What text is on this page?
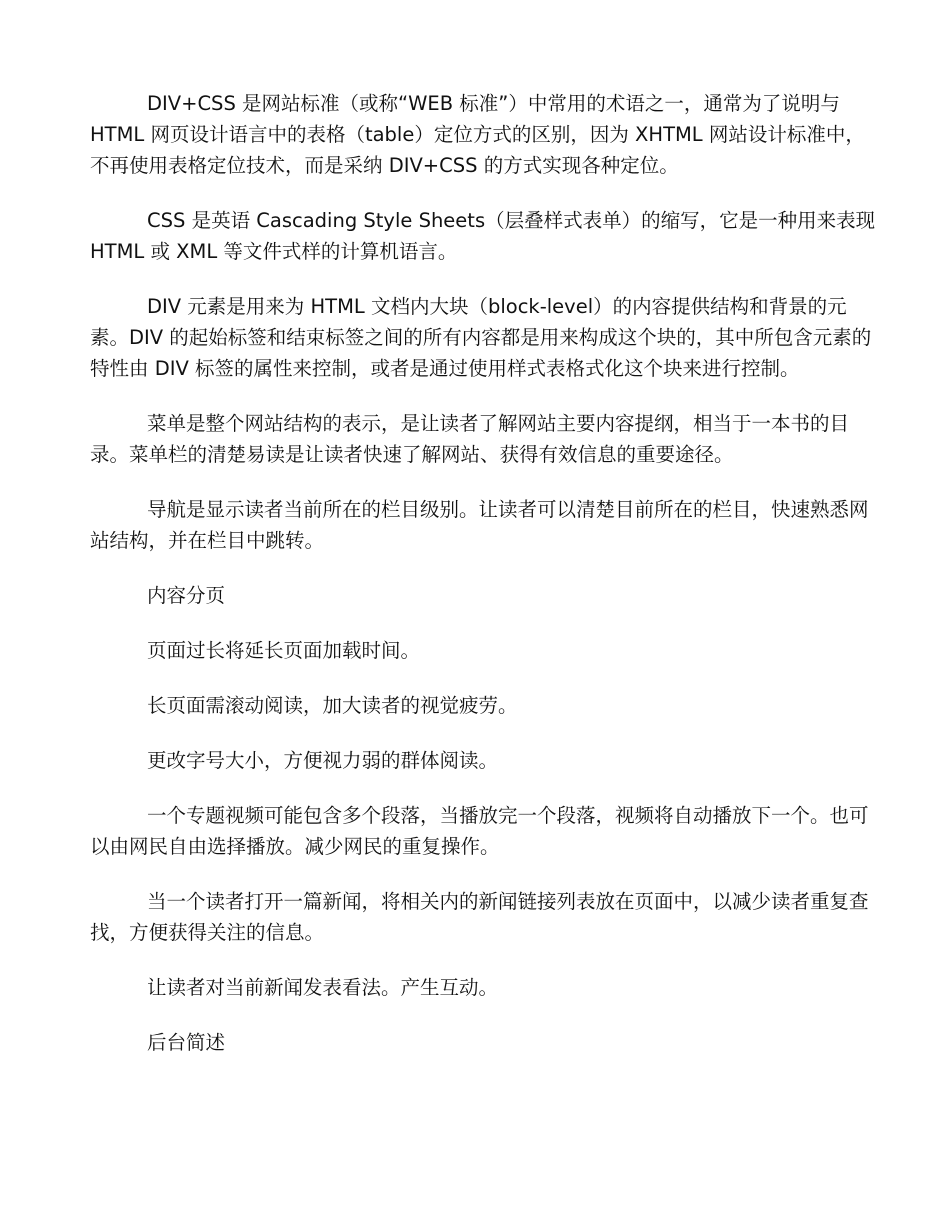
DIV+CSS 是网站标准（或称“WEB 标准”）中常用的术语之一，通常为了说明与 HTML 网页设计语言中的表格（table）定位方式的区别，因为 XHTML 网站设计标准中，不再使用表格定位技术，而是采纳 DIV+CSS 的方式实现各种定位。

CSS 是英语 Cascading Style Sheets（层叠样式表单）的缩写，它是一种用来表现 HTML 或 XML 等文件式样的计算机语言。

DIV 元素是用来为 HTML 文档内大块（block-level）的内容提供结构和背景的元素。DIV 的起始标签和结束标签之间的所有内容都是用来构成这个块的，其中所包含元素的特性由 DIV 标签的属性来控制，或者是通过使用样式表格式化这个块来进行控制。

菜单是整个网站结构的表示，是让读者了解网站主要内容提纲，相当于一本书的目录。菜单栏的清楚易读是让读者快速了解网站、获得有效信息的重要途径。

导航是显示读者当前所在的栏目级别。让读者可以清楚目前所在的栏目，快速熟悉网站结构，并在栏目中跳转。

内容分页

页面过长将延长页面加载时间。

长页面需滚动阅读，加大读者的视觉疲劳。

更改字号大小，方便视力弱的群体阅读。

一个专题视频可能包含多个段落，当播放完一个段落，视频将自动播放下一个。也可以由网民自由选择播放。减少网民的重复操作。

当一个读者打开一篇新闻，将相关内的新闻链接列表放在页面中，以减少读者重复查找，方便获得关注的信息。

让读者对当前新闻发表看法。产生互动。

后台简述
